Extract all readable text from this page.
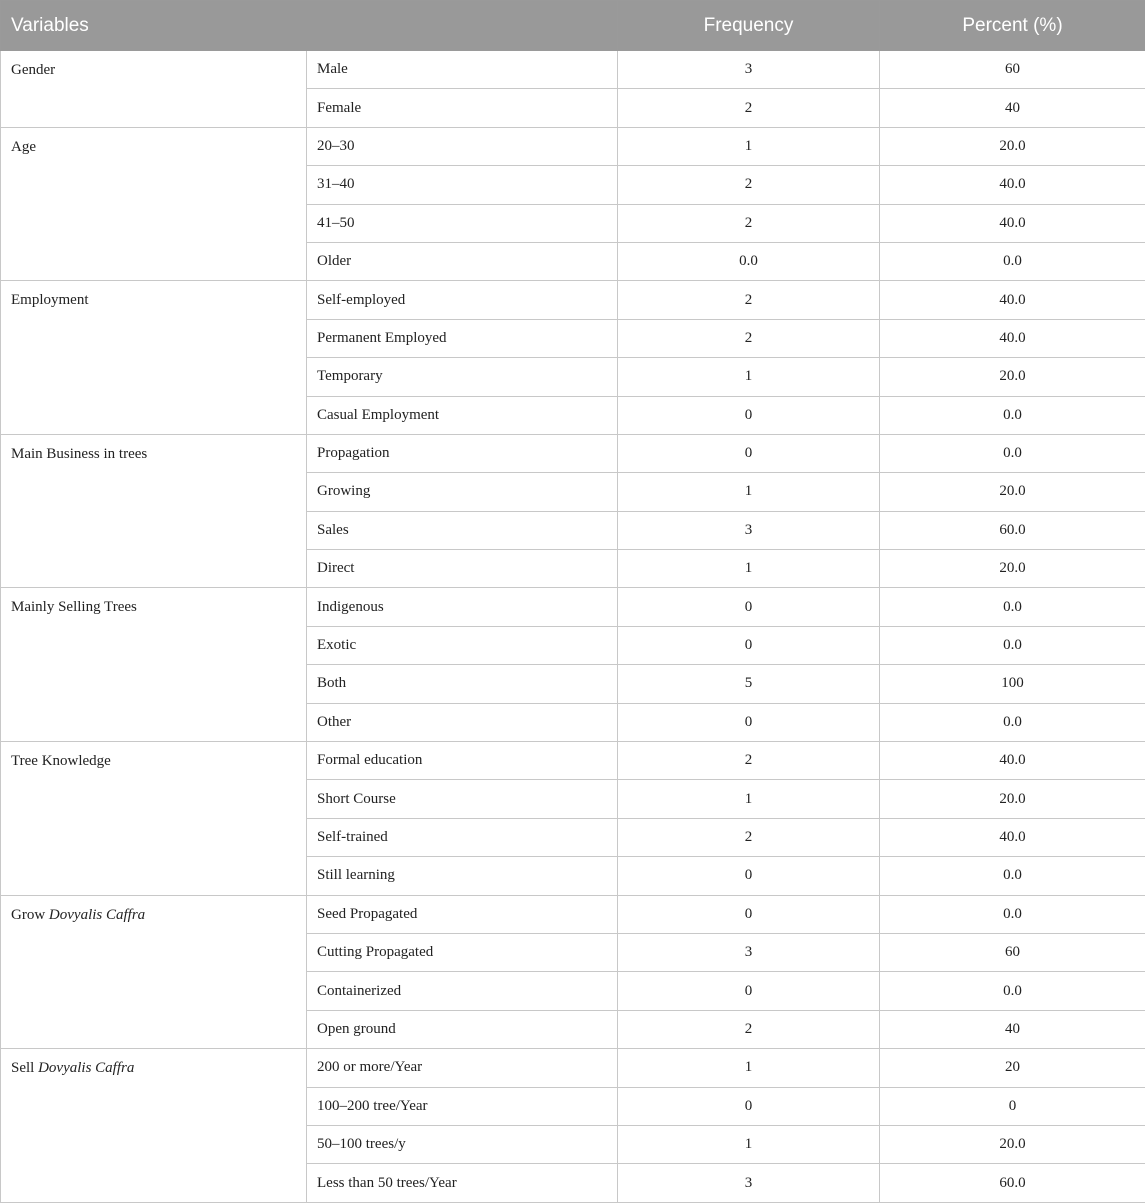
Variables		Frequency	Percent (%)
Gender	Male	3	60
	Female	2	40
Age	20–30	1	20.0
	31–40	2	40.0
	41–50	2	40.0
	Older	0.0	0.0
Employment	Self-employed	2	40.0
	Permanent Employed	2	40.0
	Temporary	1	20.0
	Casual Employment	0	0.0
Main Business in trees	Propagation	0	0.0
	Growing	1	20.0
	Sales	3	60.0
	Direct	1	20.0
Mainly Selling Trees	Indigenous	0	0.0
	Exotic	0	0.0
	Both	5	100
	Other	0	0.0
Tree Knowledge	Formal education	2	40.0
	Short Course	1	20.0
	Self-trained	2	40.0
	Still learning	0	0.0
Grow Dovyalis Caffra	Seed Propagated	0	0.0
	Cutting Propagated	3	60
	Containerized	0	0.0
	Open ground	2	40
Sell Dovyalis Caffra	200 or more/Year	1	20
	100–200 tree/Year	0	0
	50–100 trees/y	1	20.0
	Less than 50 trees/Year	3	60.0
